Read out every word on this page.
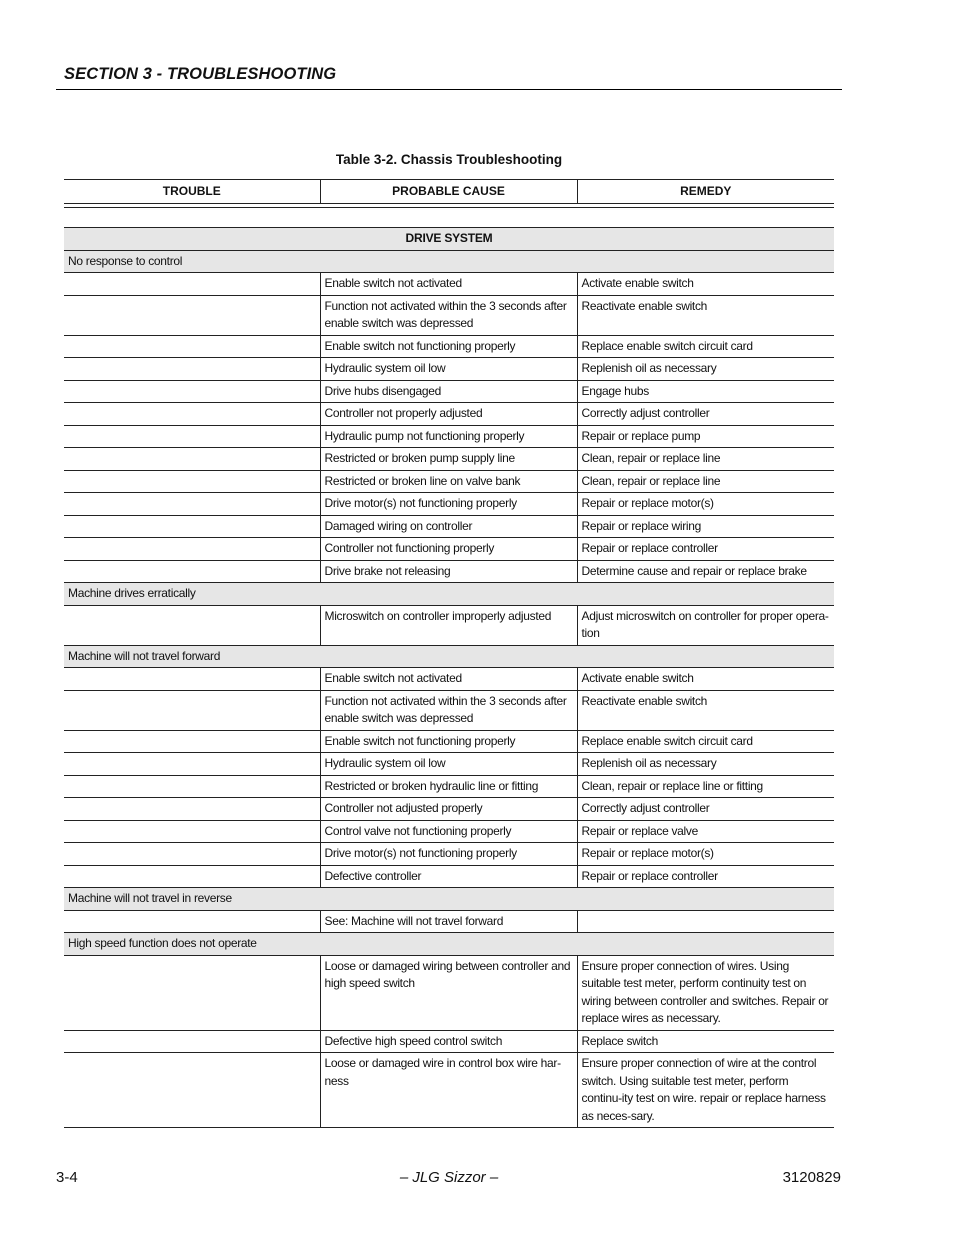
SECTION 3 - TROUBLESHOOTING
Table 3-2. Chassis Troubleshooting
TROUBLE	PROBABLE CAUSE	REMEDY

DRIVE SYSTEM		
No response to control		
	Enable switch not activated	Activate enable switch
	Function not activated within the 3 seconds after enable switch was depressed	Reactivate enable switch
	Enable switch not functioning properly	Replace enable switch circuit card
	Hydraulic system oil low	Replenish oil as necessary
	Drive hubs disengaged	Engage hubs
	Controller not properly adjusted	Correctly adjust controller
	Hydraulic pump not functioning properly	Repair or replace pump
	Restricted or broken pump supply line	Clean, repair or replace line
	Restricted or broken line on valve bank	Clean, repair or replace line
	Drive motor(s) not functioning properly	Repair or replace motor(s)
	Damaged wiring on controller	Repair or replace wiring
	Controller not functioning properly	Repair or replace controller
	Drive brake not releasing	Determine cause and repair or replace brake
Machine drives erratically		
	Microswitch on controller improperly adjusted	Adjust microswitch on controller for proper opera-tion
Machine will not travel forward		
	Enable switch not activated	Activate enable switch
	Function not activated within the 3 seconds after enable switch was depressed	Reactivate enable switch
	Enable switch not functioning properly	Replace enable switch circuit card
	Hydraulic system oil low	Replenish oil as necessary
	Restricted or broken hydraulic line or fitting	Clean, repair or replace line or fitting
	Controller not adjusted properly	Correctly adjust controller
	Control valve not functioning properly	Repair or replace valve
	Drive motor(s) not functioning properly	Repair or replace motor(s)
	Defective controller	Repair or replace controller
Machine will not travel in reverse		
	See: Machine will not travel forward	
High speed function does not operate		
	Loose or damaged wiring between controller and high speed switch	Ensure proper connection of wires. Using suitable test meter, perform continuity test on wiring between controller and switches. Repair or replace wires as necessary.
	Defective high speed control switch	Replace switch
	Loose or damaged wire in control box wire har-ness	Ensure proper connection of wire at the control switch. Using suitable test meter, perform continu-ity test on wire. repair or replace harness as neces-sary.
3-4	– JLG Sizzor –	3120829
